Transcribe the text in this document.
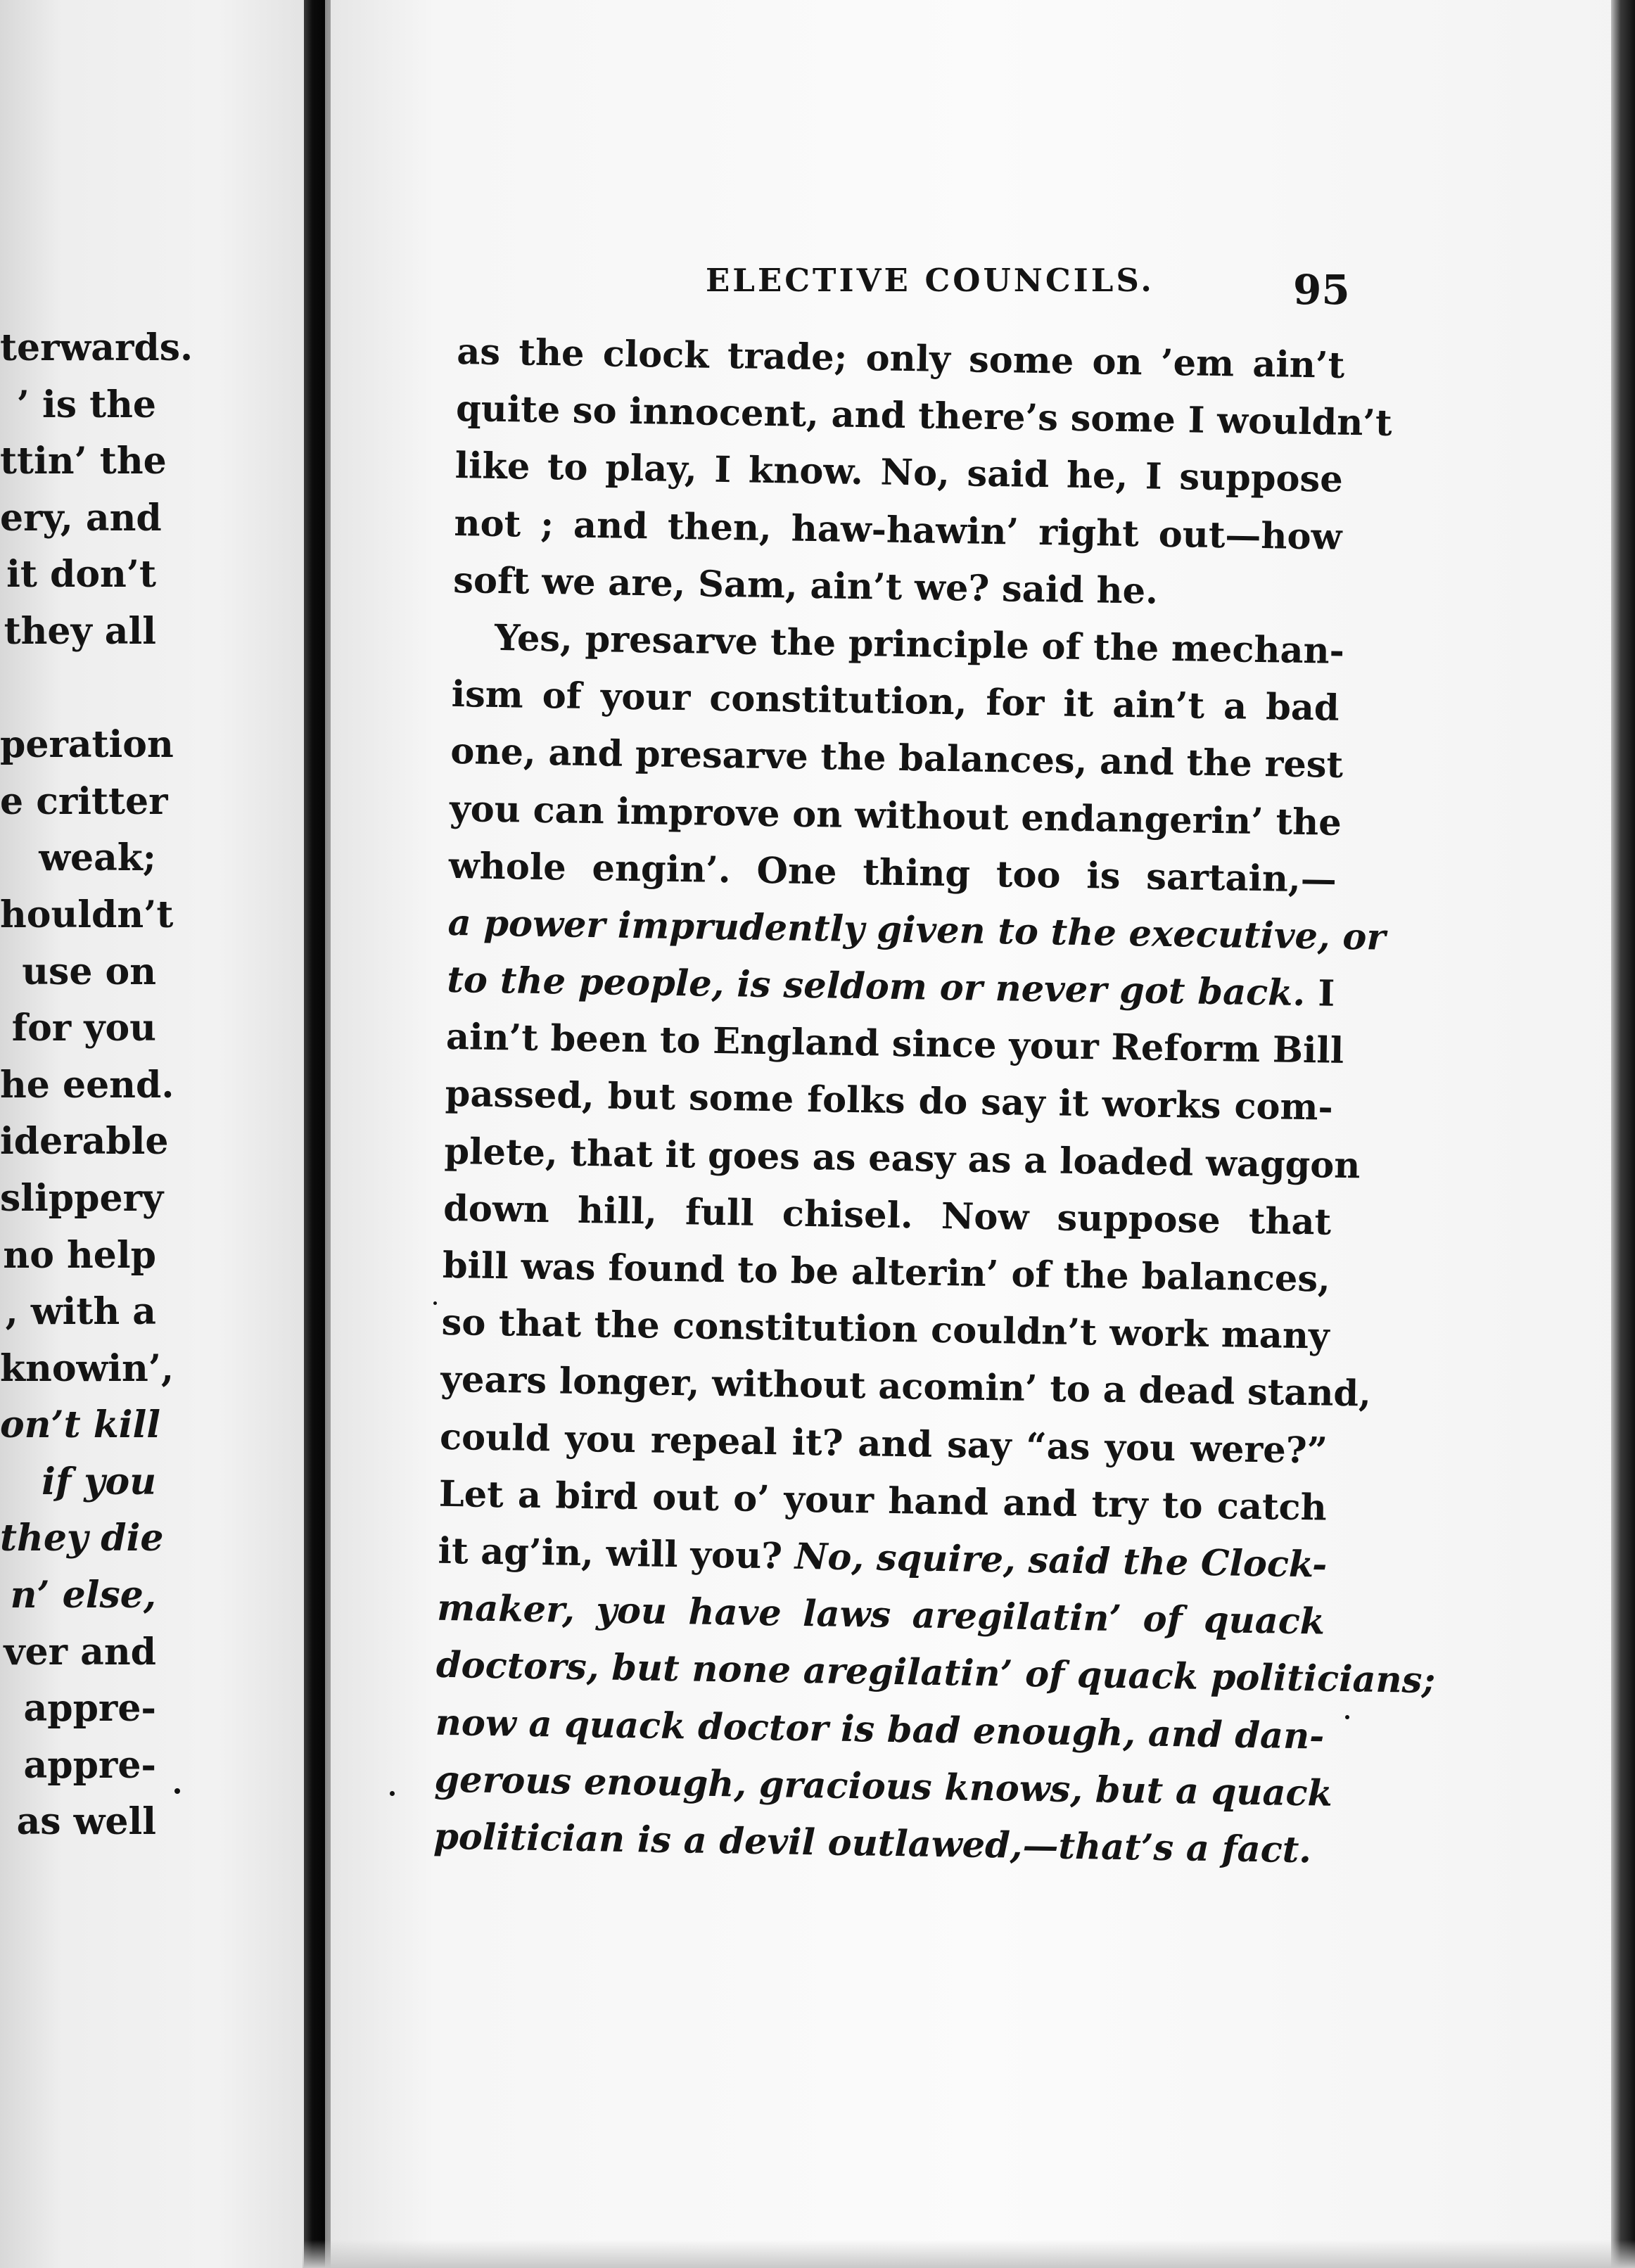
terwards.
’ is the
ttin’ the
ery, and
it don’t
they all
peration
e critter
weak;
houldn’t
use on
for you
he eend.
iderable
slippery
no help
, with a
knowin’,
on’t kill
if you
they die
n’ else,
ver and
appre-
appre-
as well
ELECTIVE COUNCILS.	95
as the clock trade; only some on ’em ain’t
quite so innocent, and there’s some I wouldn’t
like to play, I know. No, said he, I suppose
not ; and then, haw-hawin’ right out—how
soft we are, Sam, ain’t we? said he.
Yes, presarve the principle of the mechan-
ism of your constitution, for it ain’t a bad
one, and presarve the balances, and the rest
you can improve on without endangerin’ the
whole engin’. One thing too is sartain,—
a power imprudently given to the executive, or
to the people, is seldom or never got back. I
ain’t been to England since your Reform Bill
passed, but some folks do say it works com-
plete, that it goes as easy as a loaded waggon
down hill, full chisel. Now suppose that
bill was found to be alterin’ of the balances,
so that the constitution couldn’t work many
years longer, without acomin’ to a dead stand,
could you repeal it? and say “as you were?”
Let a bird out o’ your hand and try to catch
it ag’in, will you? No, squire, said the Clock-
maker, you have laws aregilatin’ of quack
doctors, but none aregilatin’ of quack politicians;
now a quack doctor is bad enough, and dan-
gerous enough, gracious knows, but a quack
politician is a devil outlawed,—that’s a fact.
